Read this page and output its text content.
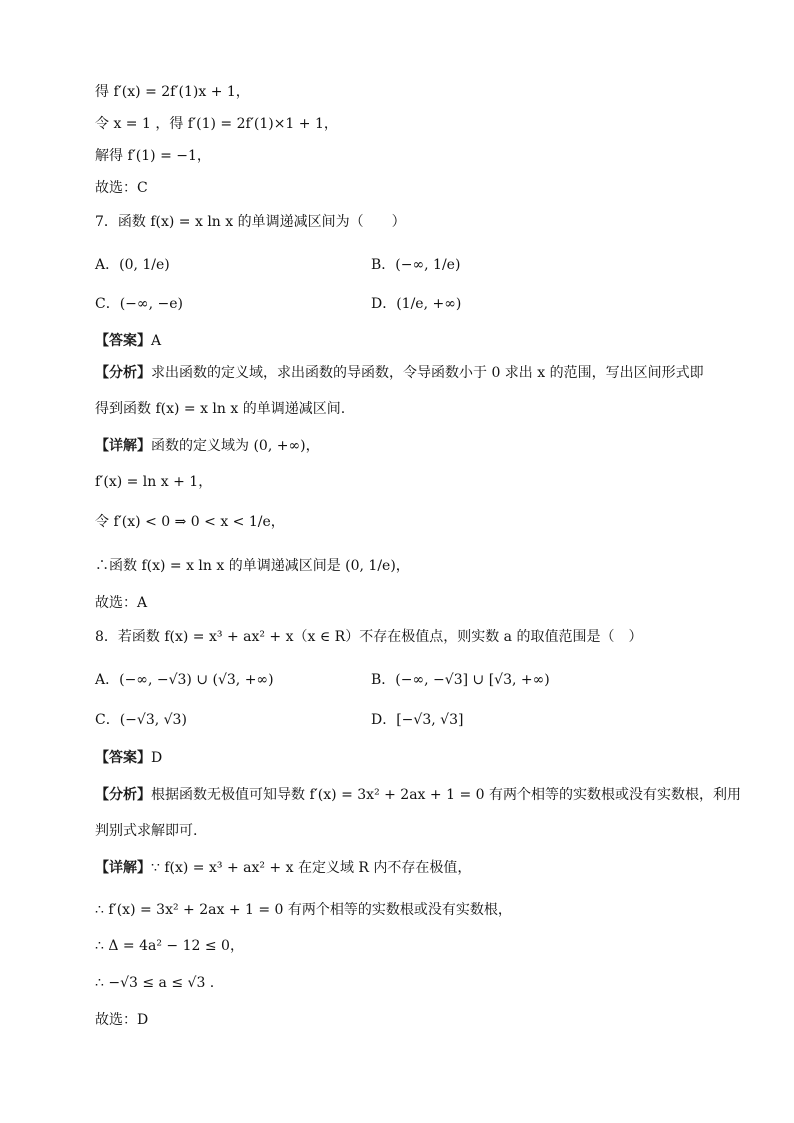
得 f′(x) = 2f′(1)x + 1，
令 x = 1 ，得 f′(1) = 2f′(1)×1 + 1，
解得 f′(1) = −1，
故选：C
7．函数 f(x) = x ln x 的单调递减区间为（　　）
A．(0, 1/e)	B．(−∞, 1/e)
C．(−∞, −e)	D．(1/e, +∞)
【答案】A
【分析】求出函数的定义域，求出函数的导函数，令导函数小于 0 求出 x 的范围，写出区间形式即
得到函数 f(x) = x ln x 的单调递减区间.
【详解】函数的定义域为 (0, +∞)，
f′(x) = ln x + 1，
令 f′(x) < 0 ⇒ 0 < x < 1/e，
∴函数 f(x) = x ln x 的单调递减区间是 (0, 1/e)，
故选：A
8．若函数 f(x) = x³ + ax² + x（x ∈ R）不存在极值点，则实数 a 的取值范围是（　）
A．(−∞, −√3) ∪ (√3, +∞)	B．(−∞, −√3] ∪ [√3, +∞)
C．(−√3, √3)	D．[−√3, √3]
【答案】D
【分析】根据函数无极值可知导数 f′(x) = 3x² + 2ax + 1 = 0 有两个相等的实数根或没有实数根，利用
判别式求解即可.
【详解】∵ f(x) = x³ + ax² + x 在定义域 R 内不存在极值，
∴ f′(x) = 3x² + 2ax + 1 = 0 有两个相等的实数根或没有实数根，
∴ Δ = 4a² − 12 ≤ 0，
∴ −√3 ≤ a ≤ √3 .
故选：D
